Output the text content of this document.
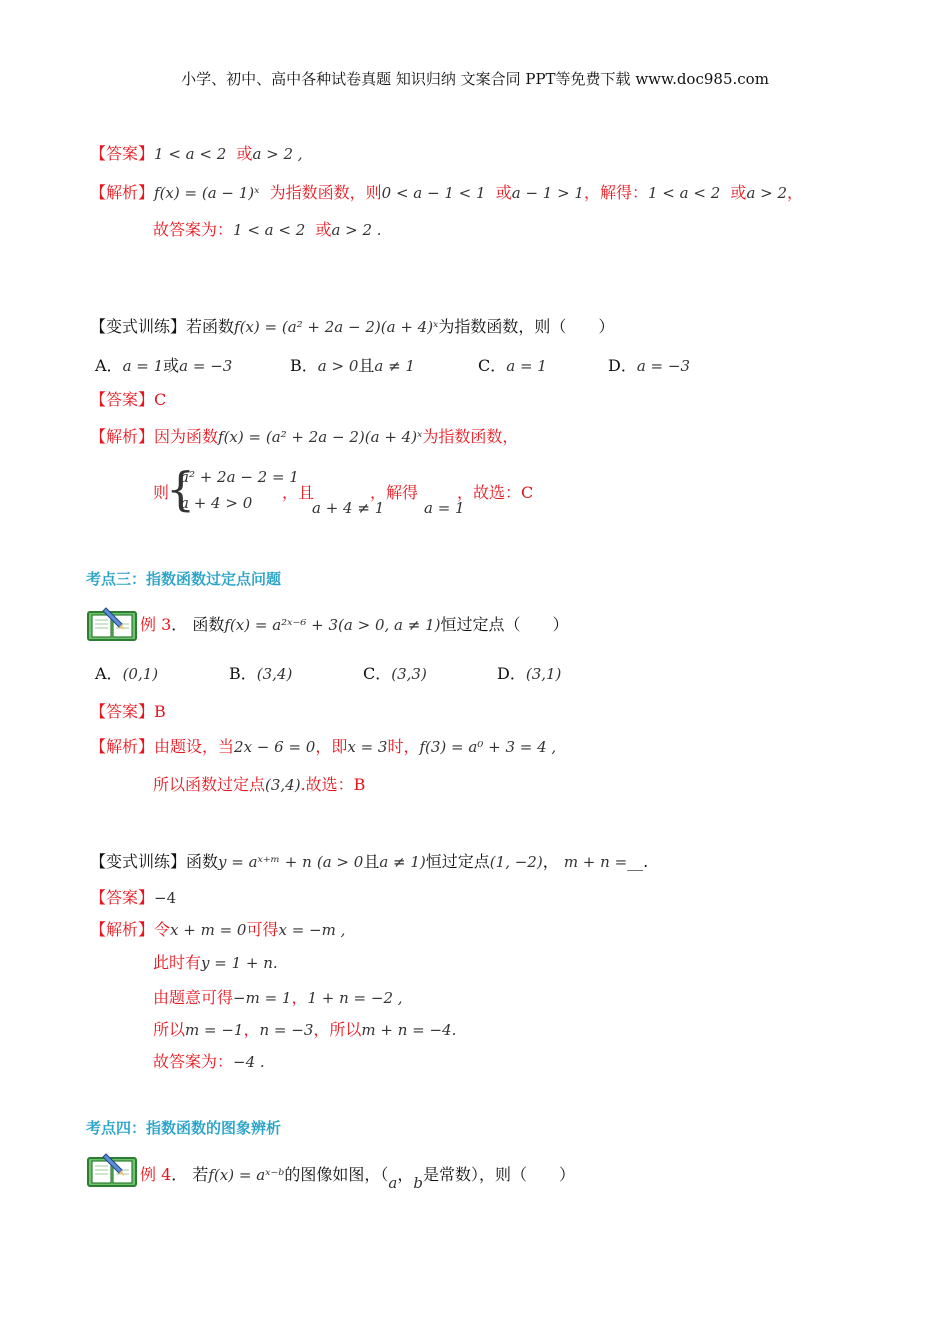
小学、初中、高中各种试卷真题 知识归纳 文案合同 PPT等免费下载 www.doc985.com
【答案】1 < a < 2 或a > 2 ,
【解析】f(x) = (a − 1)ˣ 为指数函数，则0 < a − 1 < 1 或a − 1 > 1，解得：1 < a < 2 或a > 2，
故答案为：1 < a < 2 或a > 2 .
【变式训练】若函数f(x) = (a² + 2a − 2)(a + 4)ˣ为指数函数，则（　　）
A．a = 1或a = −3	B．a > 0且a ≠ 1	C．a = 1	D．a = −3
【答案】C
【解析】因为函数f(x) = (a² + 2a − 2)(a + 4)ˣ为指数函数，
则
{
a² + 2a − 2 = 1
a + 4 > 0
，且
a + 4 ≠ 1
，解得
a = 1
，故选：C
考点三：指数函数过定点问题
例 3． 函数f(x) = a²ˣ⁻⁶ + 3(a > 0, a ≠ 1)恒过定点（　　）
A．(0,1)	B．(3,4)	C．(3,3)	D．(3,1)
【答案】B
【解析】由题设，当2x − 6 = 0，即x = 3时，f(3) = a⁰ + 3 = 4 ,
所以函数过定点(3,4).故选：B
【变式训练】函数y = aˣ⁺ᵐ + n (a > 0且a ≠ 1)恒过定点(1, −2)， m + n =__.
【答案】−4
【解析】令x + m = 0可得x = −m ,
此时有y = 1 + n.
由题意可得−m = 1，1 + n = −2 ,
所以m = −1，n = −3，所以m + n = −4.
故答案为：−4 .
考点四：指数函数的图象辨析
例 4． 若f(x) = aˣ⁻ᵇ的图像如图，（a，b是常数），则（　　）
